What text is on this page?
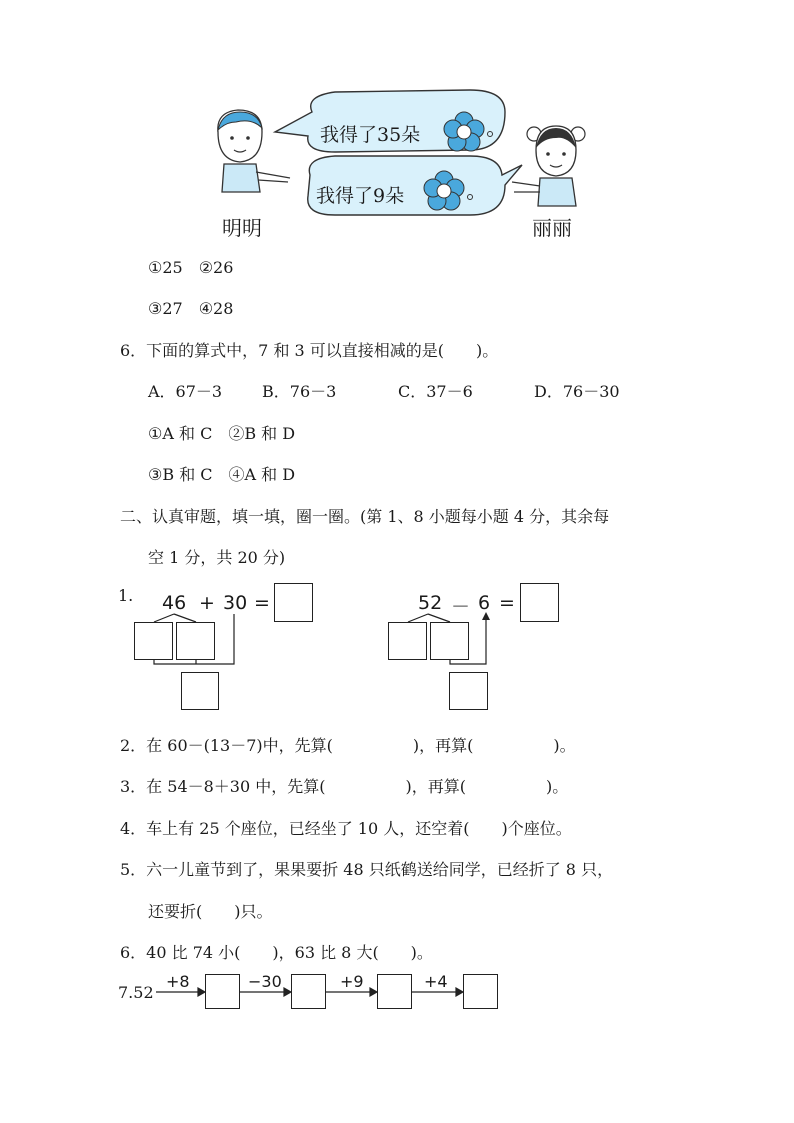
我得了35朵
我得了9朵
明明	丽丽
①25　②26
③27　④28
6．下面的算式中，7 和 3 可以直接相减的是(　　)。
A．67－3 B．76－3	C．37－6	D．76－30
①A 和 C　②B 和 D
③B 和 C　④A 和 D
二、认真审题，填一填，圈一圈。(第 1、8 小题每小题 4 分，其余每
空 1 分，共 20 分)
1. 46 + 30 =	52 － 6 =
2．在 60－(13－7)中，先算(　　　　　)，再算(　　　　　)。
3．在 54－8＋30 中，先算(　　　　　)，再算(　　　　　)。
4．车上有 25 个座位，已经坐了 10 人，还空着(　　)个座位。
5．六一儿童节到了，果果要折 48 只纸鹤送给同学，已经折了 8 只，
还要折(　　)只。
6．40 比 74 小(　　)，63 比 8 大(　　)。
7.52
+8	−30	+9	+4
